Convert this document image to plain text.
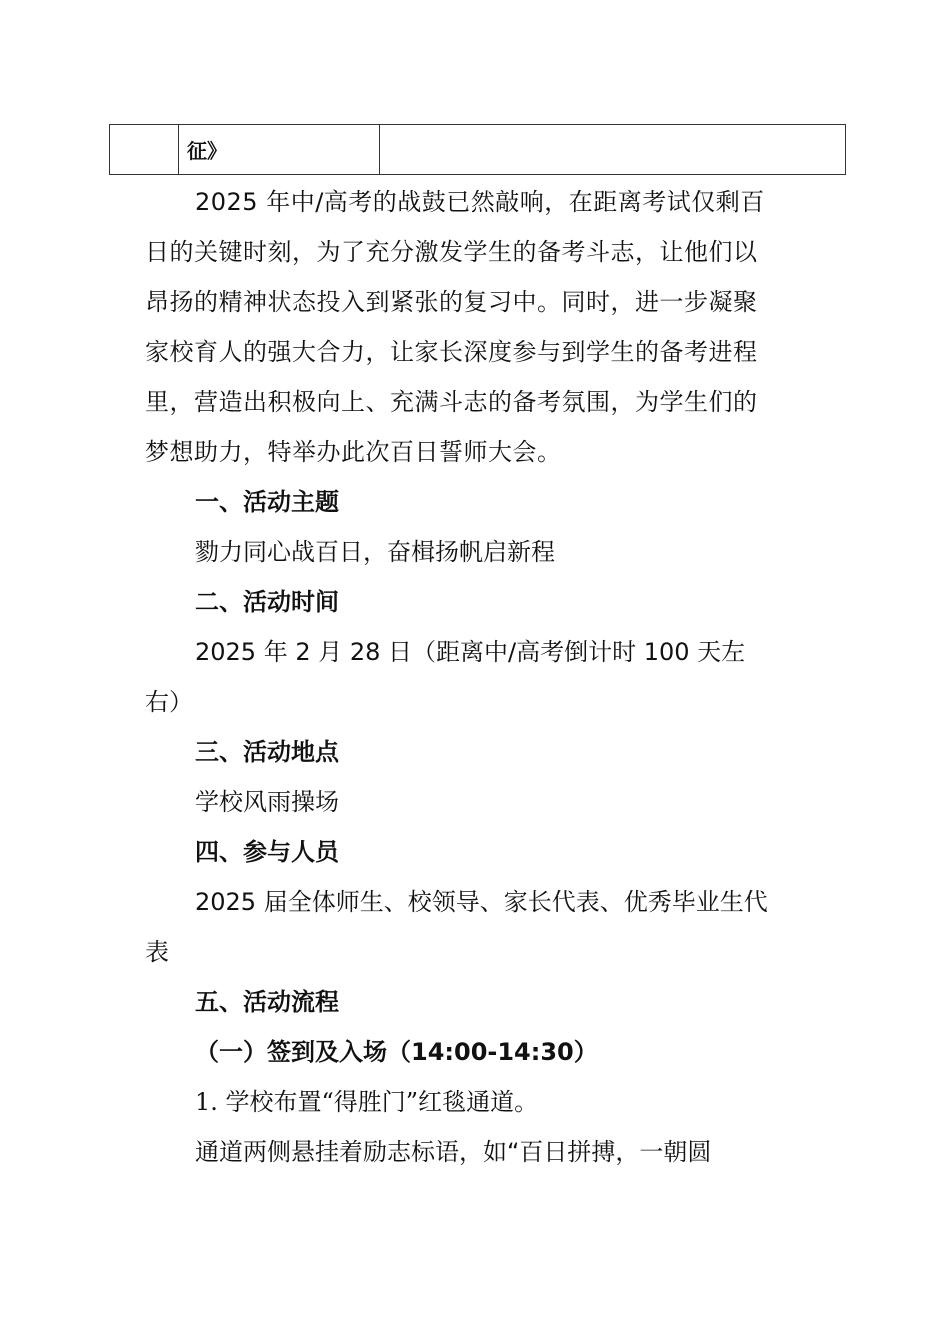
	征》	
2025 年中/高考的战鼓已然敲响，在距离考试仅剩百
日的关键时刻，为了充分激发学生的备考斗志，让他们以
昂扬的精神状态投入到紧张的复习中。同时，进一步凝聚
家校育人的强大合力，让家长深度参与到学生的备考进程
里，营造出积极向上、充满斗志的备考氛围，为学生们的
梦想助力，特举办此次百日誓师大会。
一、活动主题
勠力同心战百日，奋楫扬帆启新程
二、活动时间
2025 年 2 月 28 日（距离中/高考倒计时 100 天左
右）
三、活动地点
学校风雨操场
四、参与人员
2025 届全体师生、校领导、家长代表、优秀毕业生代
表
五、活动流程
（一）签到及入场（14:00-14:30）
1. 学校布置“得胜门”红毯通道。
通道两侧悬挂着励志标语，如“百日拼搏，一朝圆
